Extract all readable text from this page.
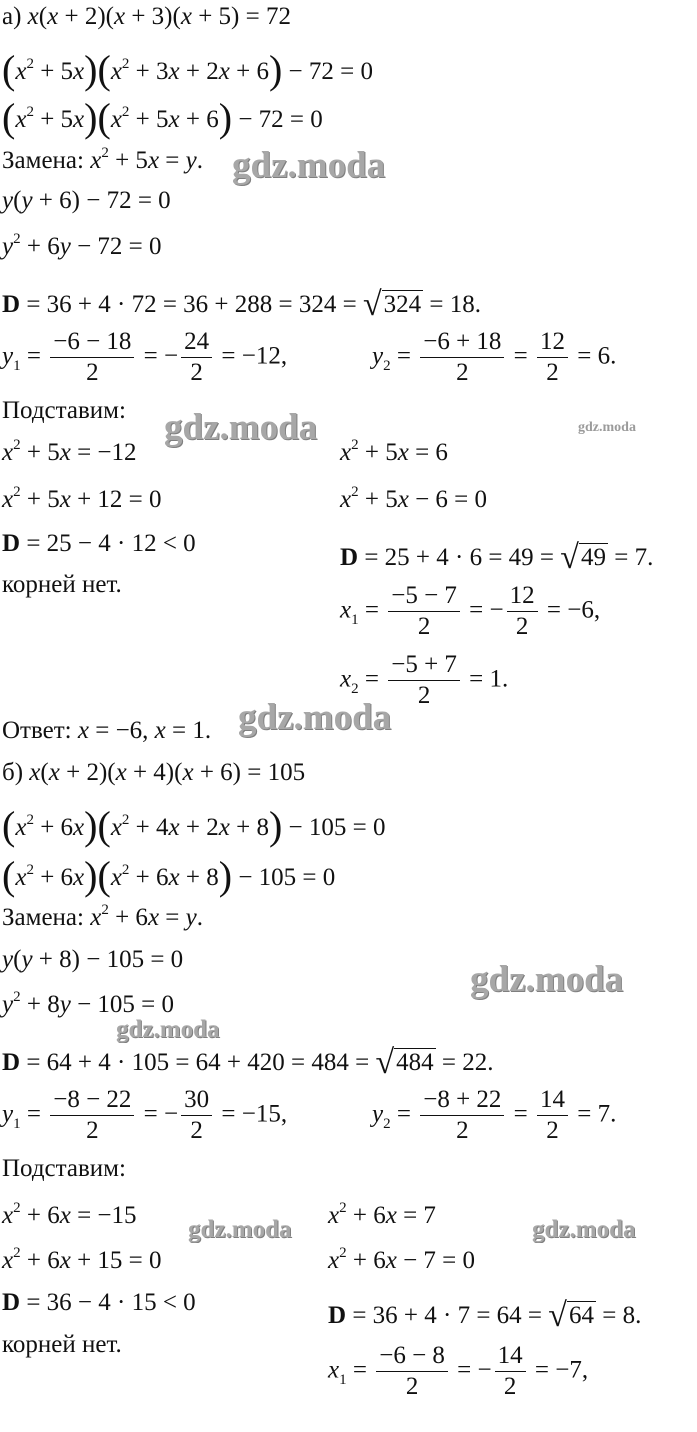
а) x(x + 2)(x + 3)(x + 5) = 72
$(x^2 + 5x)(x^2 + 3x + 2x + 6) - 72 = 0$
$(x^2 + 5x)(x^2 + 5x + 6) - 72 = 0$
Замена: $x^2 + 5x = y$.
y(y + 6) − 72 = 0
$y^2 + 6y - 72 = 0$
D = 36 + 4 · 72 = 36 + 288 = 324 = √324 = 18.
$y_1 = \frac{-6 - 18}{2}$ = − $\frac{24}{2} = -12$,	$y_2 = \frac{-6 + 18}{2} = \frac{12}{2} = 6$.
Подставим:
$x^2 + 5x = -12$	$x^2 + 5x = 6$
$x^2 + 5x + 12 = 0$	$x^2 + 5x - 6 = 0$
D = 25 − 4 · 12 < 0
D = 25 + 4 · 6 = 49 = √49 = 7.
корней нет.
$x_1 = \frac{-5 - 7}{2}$ = − $\frac{12}{2} = -6$,
$x_2 = \frac{-5 + 7}{2} = 1$.
Ответ: x = −6, x = 1.
б) x(x + 2)(x + 4)(x + 6) = 105
$(x^2 + 6x)(x^2 + 4x + 2x + 8) - 105 = 0$
$(x^2 + 6x)(x^2 + 6x + 8) - 105 = 0$
Замена: $x^2 + 6x = y$.
y(y + 8) − 105 = 0
$y^2 + 8y - 105 = 0$
D = 64 + 4 · 105 = 64 + 420 = 484 = √484 = 22.
$y_1 = \frac{-8 - 22}{2}$ = − $\frac{30}{2} = -15$,	$y_2 = \frac{-8 + 22}{2} = \frac{14}{2} = 7$.
Подставим:
$x^2 + 6x = -15$	$x^2 + 6x = 7$
$x^2 + 6x + 15 = 0$	$x^2 + 6x - 7 = 0$
D = 36 − 4 · 15 < 0	D = 36 + 4 · 7 = 64 = √64 = 8.
корней нет.
$x_1 = \frac{-6 - 8}{2}$ = − $\frac{14}{2} = -7$,
gdz.moda
gdz.moda	gdz.moda
gdz.moda
gdz.moda
gdz.moda
gdz.moda	gdz.moda
